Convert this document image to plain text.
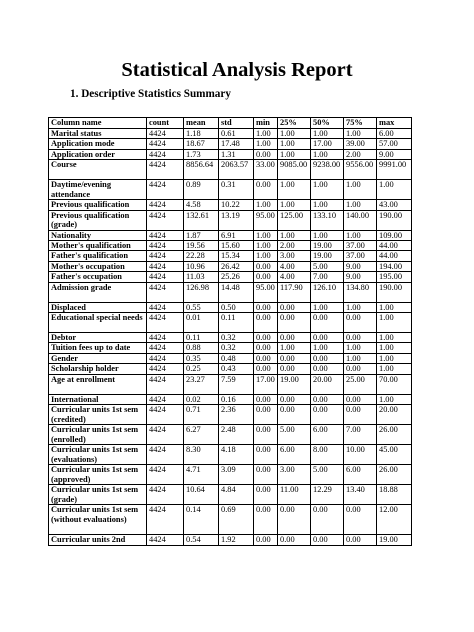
Statistical Analysis Report
1. Descriptive Statistics Summary
Column name	count	mean	std	min	25%	50%	75%	max
Marital status	4424	1.18	0.61	1.00	1.00	1.00	1.00	6.00
Application mode	4424	18.67	17.48	1.00	1.00	17.00	39.00	57.00
Application order	4424	1.73	1.31	0.00	1.00	1.00	2.00	9.00
Course	4424	8856.64	2063.57	33.00	9085.00	9238.00	9556.00	9991.00
Daytime/evening attendance	4424	0.89	0.31	0.00	1.00	1.00	1.00	1.00
Previous qualification	4424	4.58	10.22	1.00	1.00	1.00	1.00	43.00
Previous qualification (grade)	4424	132.61	13.19	95.00	125.00	133.10	140.00	190.00
Nationality	4424	1.87	6.91	1.00	1.00	1.00	1.00	109.00
Mother's qualification	4424	19.56	15.60	1.00	2.00	19.00	37.00	44.00
Father's qualification	4424	22.28	15.34	1.00	3.00	19.00	37.00	44.00
Mother's occupation	4424	10.96	26.42	0.00	4.00	5.00	9.00	194.00
Father's occupation	4424	11.03	25.26	0.00	4.00	7.00	9.00	195.00
Admission grade	4424	126.98	14.48	95.00	117.90	126.10	134.80	190.00
Displaced	4424	0.55	0.50	0.00	0.00	1.00	1.00	1.00
Educational special needs	4424	0.01	0.11	0.00	0.00	0.00	0.00	1.00
Debtor	4424	0.11	0.32	0.00	0.00	0.00	0.00	1.00
Tuition fees up to date	4424	0.88	0.32	0.00	1.00	1.00	1.00	1.00
Gender	4424	0.35	0.48	0.00	0.00	0.00	1.00	1.00
Scholarship holder	4424	0.25	0.43	0.00	0.00	0.00	0.00	1.00
Age at enrollment	4424	23.27	7.59	17.00	19.00	20.00	25.00	70.00
International	4424	0.02	0.16	0.00	0.00	0.00	0.00	1.00
Curricular units 1st sem (credited)	4424	0.71	2.36	0.00	0.00	0.00	0.00	20.00
Curricular units 1st sem (enrolled)	4424	6.27	2.48	0.00	5.00	6.00	7.00	26.00
Curricular units 1st sem (evaluations)	4424	8.30	4.18	0.00	6.00	8.00	10.00	45.00
Curricular units 1st sem (approved)	4424	4.71	3.09	0.00	3.00	5.00	6.00	26.00
Curricular units 1st sem (grade)	4424	10.64	4.84	0.00	11.00	12.29	13.40	18.88
Curricular units 1st sem (without evaluations)	4424	0.14	0.69	0.00	0.00	0.00	0.00	12.00
Curricular units 2nd	4424	0.54	1.92	0.00	0.00	0.00	0.00	19.00
